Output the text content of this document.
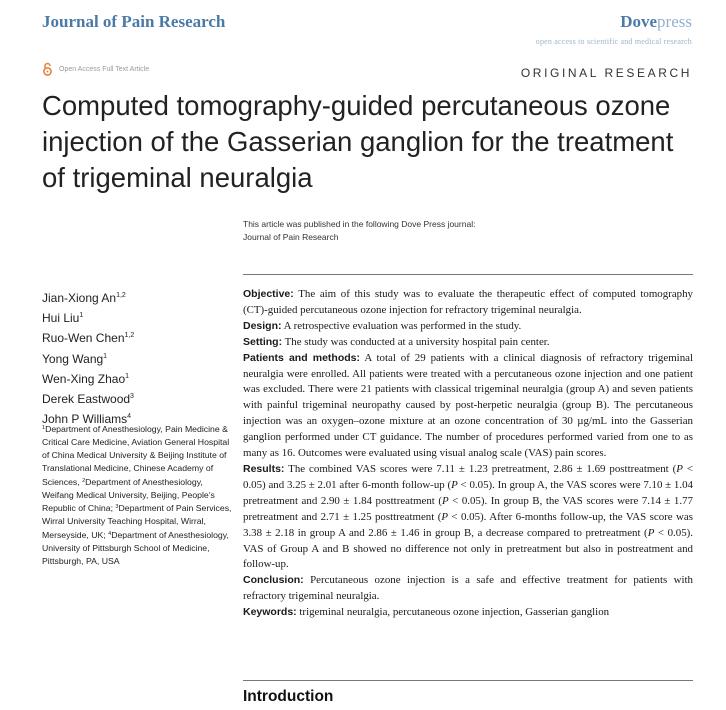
Journal of Pain Research	Dovepress
open access to scientific and medical research
Open Access Full Text Article	ORIGINAL RESEARCH
Computed tomography-guided percutaneous ozone injection of the Gasserian ganglion for the treatment of trigeminal neuralgia
This article was published in the following Dove Press journal:
Journal of Pain Research
Jian-Xiong An$^{1,2}$
Hui Liu$^1$
Ruo-Wen Chen$^{1,2}$
Yong Wang$^1$
Wen-Xing Zhao$^1$
Derek Eastwood$^3$
John P Williams$^4$
$^1$Department of Anesthesiology, Pain Medicine & Critical Care Medicine, Aviation General Hospital of China Medical University & Beijing Institute of Translational Medicine, Chinese Academy of Sciences, $^2$Department of Anesthesiology, Weifang Medical University, Beijing, People’s Republic of China; $^3$Department of Pain Services, Wirral University Teaching Hospital, Wirral, Merseyside, UK; $^4$Department of Anesthesiology, University of Pittsburgh School of Medicine, Pittsburgh, PA, USA

Objective: The aim of this study was to evaluate the therapeutic effect of computed tomography (CT)-guided percutaneous ozone injection for refractory trigeminal neuralgia.

Design: A retrospective evaluation was performed in the study.

Setting: The study was conducted at a university hospital pain center.

Patients and methods: A total of 29 patients with a clinical diagnosis of refractory trigeminal neuralgia were enrolled. All patients were treated with a percutaneous ozone injection and one patient was excluded. There were 21 patients with classical trigeminal neuralgia (group A) and seven patients with painful trigeminal neuropathy caused by post-herpetic neuralgia (group B). The percutaneous injection was an oxygen–ozone mixture at an ozone concentration of 30 µg/mL into the Gasserian ganglion performed under CT guidance. The number of procedures performed varied from one to as many as 16. Outcomes were evaluated using visual analog scale (VAS) pain scores.

Results: The combined VAS scores were 7.11 ± 1.23 pretreatment, 2.86 ± 1.69 posttreatment (P < 0.05) and 3.25 ± 2.01 after 6-month follow-up (P < 0.05). In group A, the VAS scores were 7.10 ± 1.04 pretreatment and 2.90 ± 1.84 posttreatment (P < 0.05). In group B, the VAS scores were 7.14 ± 1.77 pretreatment and 2.71 ± 1.25 posttreatment (P < 0.05). After 6-months follow-up, the VAS score was 3.38 ± 2.18 in group A and 2.86 ± 1.46 in group B, a decrease compared to pretreatment (P < 0.05). VAS of Group A and B showed no difference not only in pretreatment but also in postreatment and follow-up.

Conclusion: Percutaneous ozone injection is a safe and effective treatment for patients with refractory trigeminal neuralgia.

Keywords: trigeminal neuralgia, percutaneous ozone injection, Gasserian ganglion

Introduction
